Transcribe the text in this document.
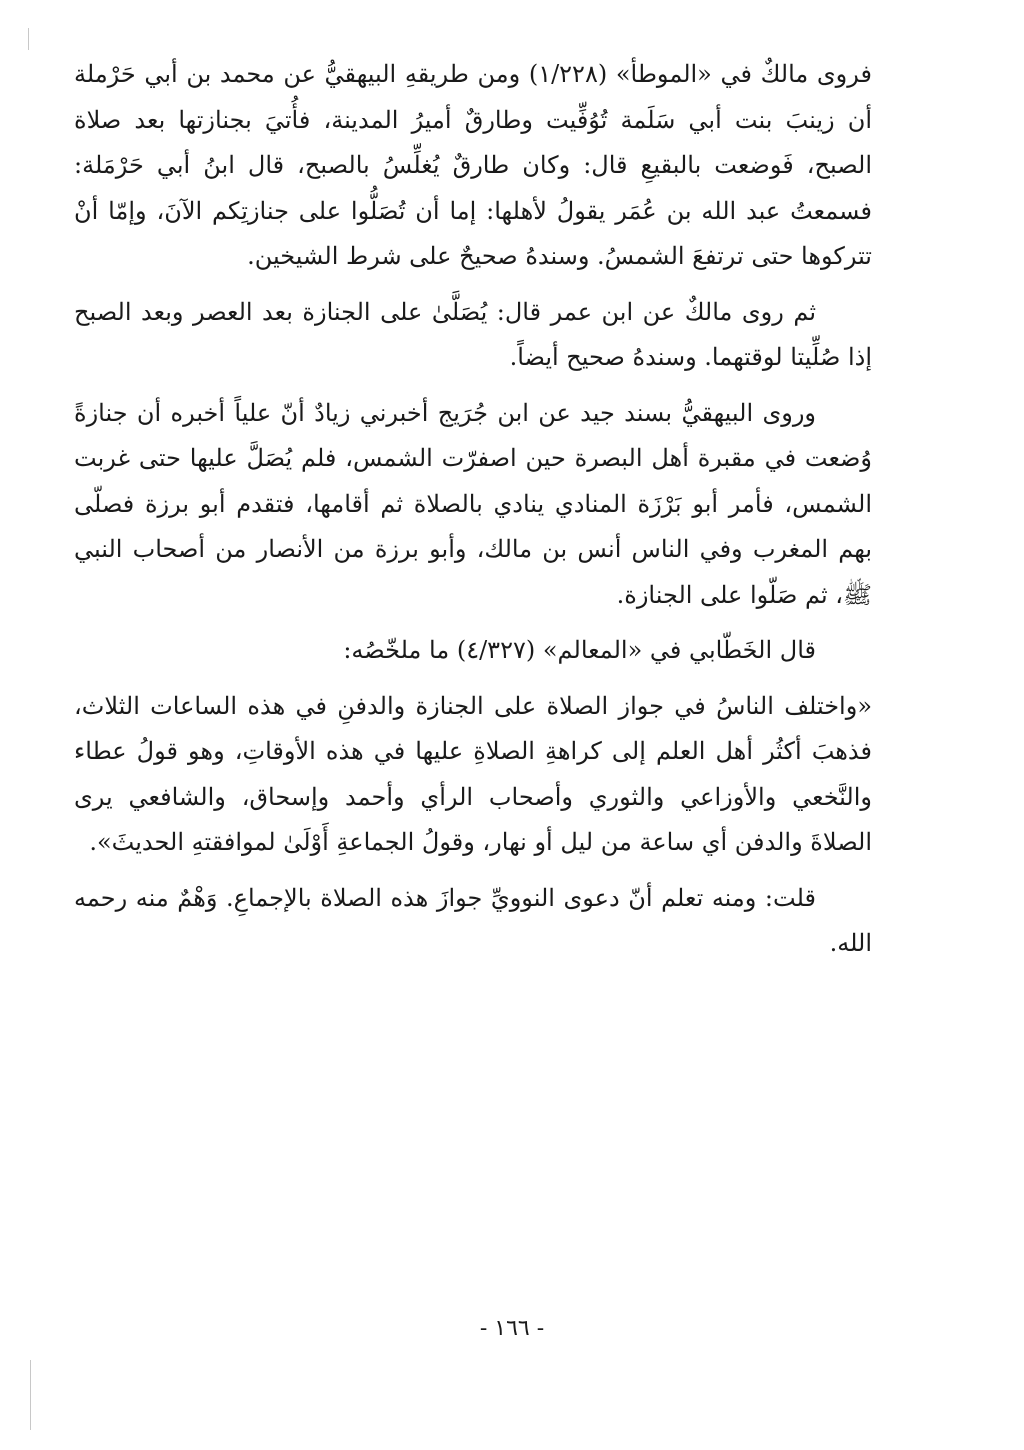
فروى مالكٌ في «الموطأ» (١/٢٢٨) ومن طريقهِ البيهقيُّ عن محمد بن أبي حَرْملة أن زينبَ بنت أبي سَلَمة تُوُفِّيت وطارقٌ أميرُ المدينة، فأُتيَ بجنازتها بعد صلاة الصبح، فَوضعت بالبقيعِ قال: وكان طارقٌ يُغلِّسُ بالصبح، قال ابنُ أبي حَرْمَلة: فسمعتُ عبد الله بن عُمَر يقولُ لأهلها: إما أن تُصَلُّوا على جنازتِكم الآنَ، وإمّا أنْ تتركوها حتى ترتفعَ الشمسُ. وسندهُ صحيحٌ على شرط الشيخين.

ثم روى مالكٌ عن ابن عمر قال: يُصَلَّىٰ على الجنازة بعد العصر وبعد الصبح إذا صُلِّيتا لوقتهما. وسندهُ صحيح أيضاً.

وروى البيهقيُّ بسند جيد عن ابن جُرَيج أخبرني زيادٌ أنّ علياً أخبره أن جنازةً وُضعت في مقبرة أهل البصرة حين اصفرّت الشمس، فلم يُصَلَّ عليها حتى غربت الشمس، فأمر أبو بَرْزَة المنادي ينادي بالصلاة ثم أقامها، فتقدم أبو برزة فصلّى بهم المغرب وفي الناس أنس بن مالك، وأبو برزة من الأنصار من أصحاب النبي ﷺ، ثم صَلّوا على الجنازة.

قال الخَطّابي في «المعالم» (٤/٣٢٧) ما ملخّصُه:

«واختلف الناسُ في جواز الصلاة على الجنازة والدفنِ في هذه الساعات الثلاث، فذهبَ أكثُر أهل العلم إلى كراهةِ الصلاةِ عليها في هذه الأوقاتِ، وهو قولُ عطاء والنَّخعي والأوزاعي والثوري وأصحاب الرأي وأحمد وإسحاق، والشافعي يرى الصلاةَ والدفن أي ساعة من ليل أو نهار، وقولُ الجماعةِ أَوْلَىٰ لموافقتهِ الحديثَ».

قلت: ومنه تعلم أنّ دعوى النوويِّ جوازَ هذه الصلاة بالإجماعِ. وَهْمٌ منه رحمه الله.

- ١٦٦ -
